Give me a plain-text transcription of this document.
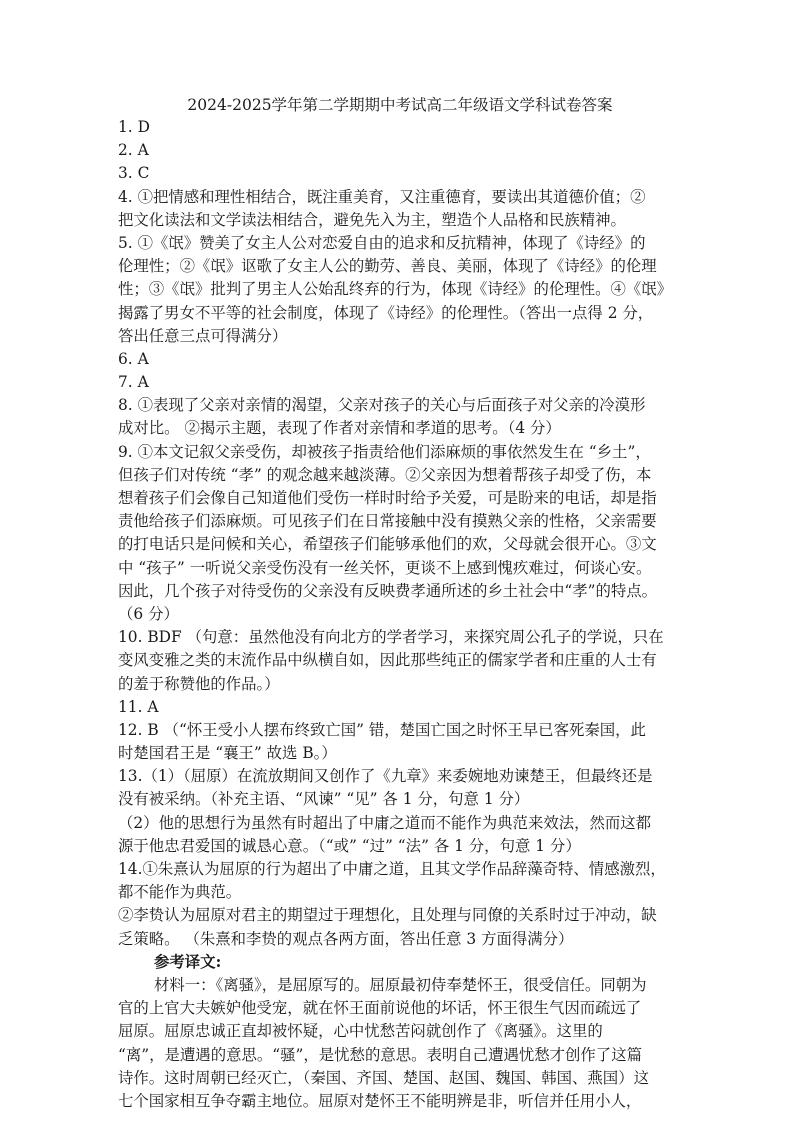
2024-2025学年第二学期期中考试高二年级语文学科试卷答案
1. D
2. A
3. C
4. ①把情感和理性相结合，既注重美育，又注重德育，要读出其道德价值；②
把文化读法和文学读法相结合，避免先入为主，塑造个人品格和民族精神。
5. ①《氓》赞美了女主人公对恋爱自由的追求和反抗精神，体现了《诗经》的
伦理性；②《氓》讴歌了女主人公的勤劳、善良、美丽，体现了《诗经》的伦理
性；③《氓》批判了男主人公始乱终弃的行为，体现《诗经》的伦理性。④《氓》
揭露了男女不平等的社会制度，体现了《诗经》的伦理性。（答出一点得 2 分，
答出任意三点可得满分）
6. A
7. A
8. ①表现了父亲对亲情的渴望，父亲对孩子的关心与后面孩子对父亲的冷漠形
成对比。 ②揭示主题，表现了作者对亲情和孝道的思考。（4 分）
9. ①本文记叙父亲受伤，却被孩子指责给他们添麻烦的事依然发生在 “乡土”，
但孩子们对传统 “孝” 的观念越来越淡薄。②父亲因为想着帮孩子却受了伤，本
想着孩子们会像自己知道他们受伤一样时时给予关爱，可是盼来的电话，却是指
责他给孩子们添麻烦。可见孩子们在日常接触中没有摸熟父亲的性格，父亲需要
的打电话只是问候和关心，希望孩子们能够承他们的欢，父母就会很开心。③文
中 “孩子” 一听说父亲受伤没有一丝关怀，更谈不上感到愧疚难过，何谈心安。
因此，几个孩子对待受伤的父亲没有反映费孝通所述的乡土社会中“孝”的特点。
（6 分）
10. BDF （句意：虽然他没有向北方的学者学习，来探究周公孔子的学说，只在
变风变雅之类的末流作品中纵横自如，因此那些纯正的儒家学者和庄重的人士有
的羞于称赞他的作品。）
11. A
12. B （“怀王受小人摆布终致亡国” 错，楚国亡国之时怀王早已客死秦国，此
时楚国君王是 “襄王” 故选 B。）
13.（1）（屈原）在流放期间又创作了《九章》来委婉地劝谏楚王，但最终还是
没有被采纳。（补充主语、“风谏” “见” 各 1 分，句意 1 分）
（2）他的思想行为虽然有时超出了中庸之道而不能作为典范来效法，然而这都
源于他忠君爱国的诚恳心意。（“或” “过” “法” 各 1 分，句意 1 分）
14.①朱熹认为屈原的行为超出了中庸之道，且其文学作品辞藻奇特、情感激烈，
都不能作为典范。
②李贽认为屈原对君主的期望过于理想化，且处理与同僚的关系时过于冲动，缺
乏策略。 （朱熹和李贽的观点各两方面，答出任意 3 方面得满分）
参考译文:
材料一：《离骚》，是屈原写的。屈原最初侍奉楚怀王，很受信任。同朝为
官的上官大夫嫉妒他受宠，就在怀王面前说他的坏话，怀王很生气因而疏远了
屈原。屈原忠诚正直却被怀疑，心中忧愁苦闷就创作了《离骚》。这里的
“离”，是遭遇的意思。“骚”，是忧愁的意思。表明自己遭遇忧愁才创作了这篇
诗作。这时周朝已经灭亡，（秦国、齐国、楚国、赵国、魏国、韩国、燕国）这
七个国家相互争夺霸主地位。屈原对楚怀王不能明辨是非，听信并任用小人，
